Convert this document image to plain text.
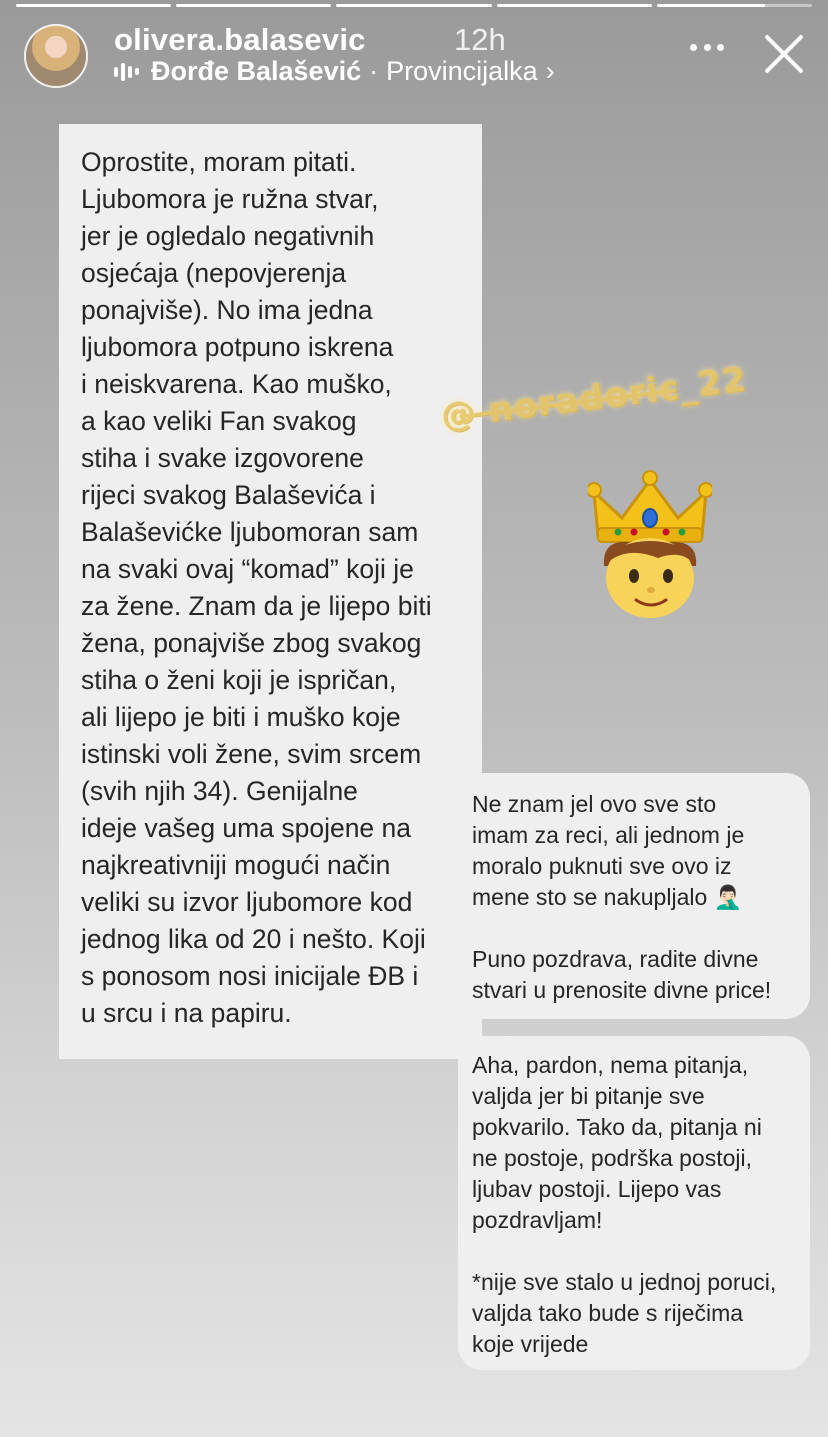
olivera.balasevic	12h
Đorđe Balašević · Provincijalka ›

Oprostite, moram pitati.
Ljubomora je ružna stvar,
jer je ogledalo negativnih
osjećaja (nepovjerenja
ponajviše). No ima jedna
ljubomora potpuno iskrena
i neiskvarena. Kao muško,
a kao veliki Fan svakog
stiha i svake izgovorene
rijeci svakog Balaševića i
Balaševićke ljubomoran sam
na svaki ovaj “komad” koji je
za žene. Znam da je lijepo biti
žena, ponajviše zbog svakog
stiha o ženi koji je ispričan,
ali lijepo je biti i muško koje
istinski voli žene, svim srcem
(svih njih 34). Genijalne
ideje vašeg uma spojene na
najkreativniji mogući način
veliki su izvor ljubomore kod
jednog lika od 20 i nešto. Koji
s ponosom nosi inicijale ĐB i
u srcu i na papiru.

@ ̶n̶o̶r̶a̶d̶o̶r̶i̶c̶_22

Ne znam jel ovo sve sto
imam za reci, ali jednom je
moralo puknuti sve ovo iz
mene sto se nakupljalo 🤦🏻‍♂️

Puno pozdrava, radite divne
stvari u prenosite divne price!

Aha, pardon, nema pitanja,
valjda jer bi pitanje sve
pokvarilo. Tako da, pitanja ni
ne postoje, podrška postoji,
ljubav postoji. Lijepo vas
pozdravljam!

*nije sve stalo u jednoj poruci,
valjda tako bude s riječima
koje vrijede
